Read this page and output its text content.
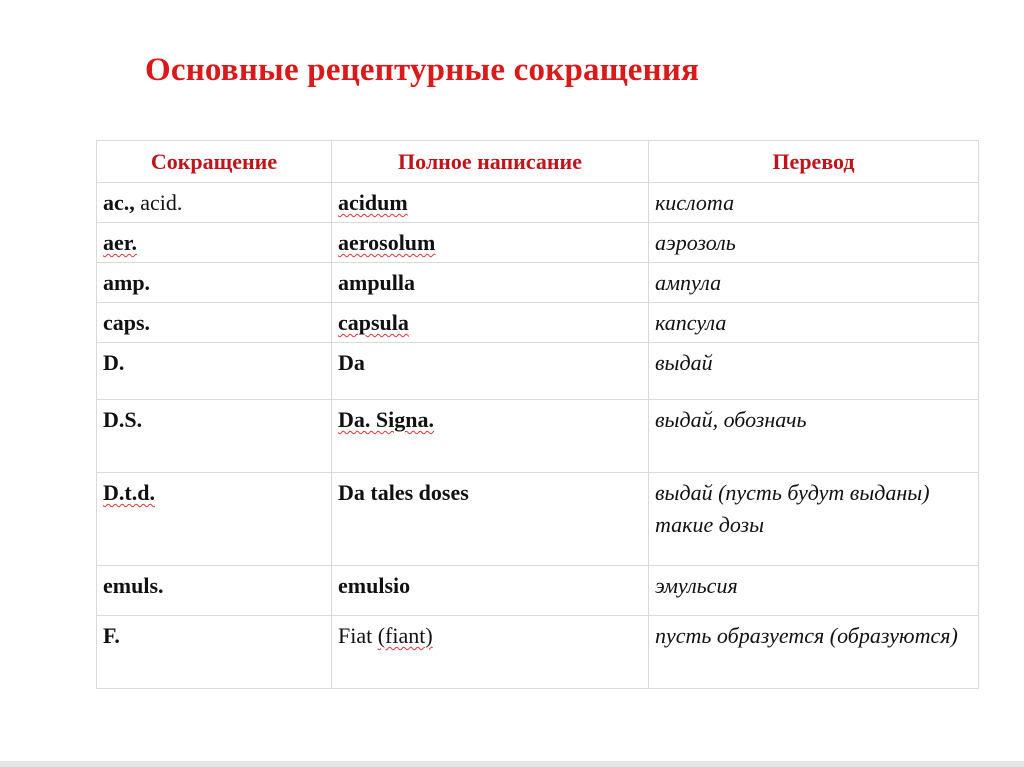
Основные рецептурные сокращения
Сокращение	Полное написание	Перевод
ac., acid.	acidum	кислота
aer.	aerosolum	аэрозоль
amp.	ampulla	ампула
caps.	capsula	капсула
D.	Da	выдай
D.S.	Da. Signa.	выдай, обозначь
D.t.d.	Da tales doses	выдай (пусть будут выданы) такие дозы
emuls.	emulsio	эмульсия
F.	Fiat (fiant)	пусть образуется (образуются)
